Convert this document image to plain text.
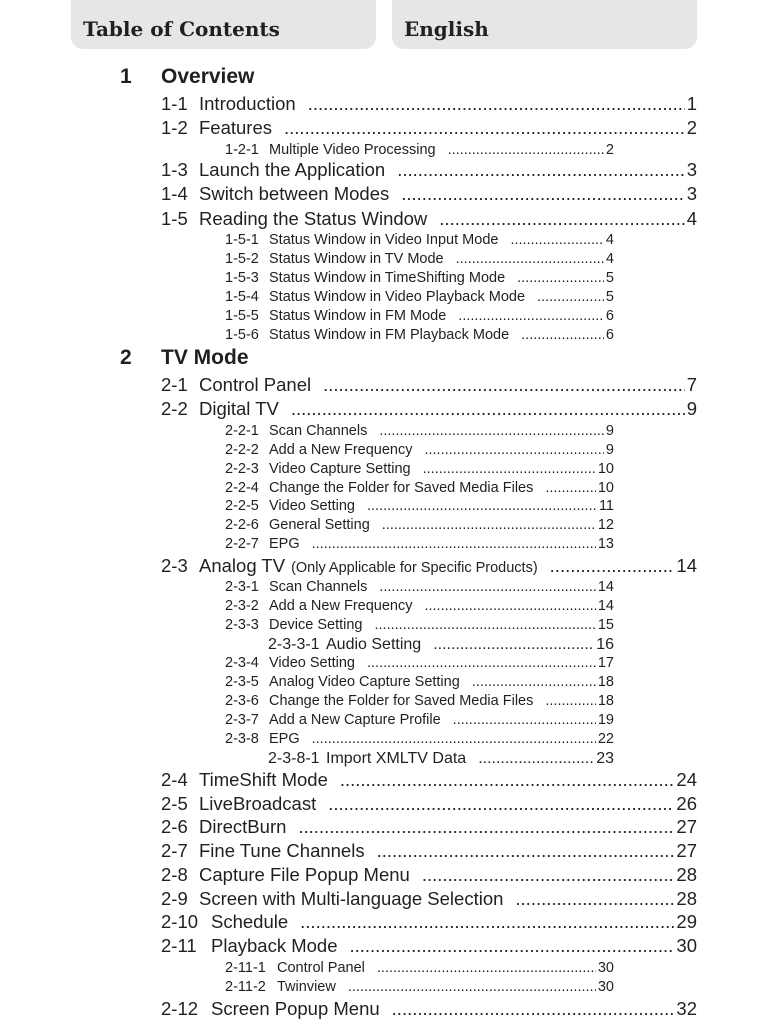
Table of Contents	English
1 Overview
1-1 Introduction .....	1
1-2 Features .....	2
1-2-1 Multiple Video Processing .....	2
1-3 Launch the Application .....	3
1-4 Switch between Modes .....	3
1-5 Reading the Status Window .....	4
1-5-1 Status Window in Video Input Mode .....	4
1-5-2 Status Window in TV Mode .....	4
1-5-3 Status Window in TimeShifting Mode .....	5
1-5-4 Status Window in Video Playback Mode .....	5
1-5-5 Status Window in FM Mode .....	6
1-5-6 Status Window in FM Playback Mode .....	6
2 TV Mode
2-1 Control Panel .....	7
2-2 Digital TV .....	9
2-2-1 Scan Channels .....	9
2-2-2 Add a New Frequency .....	9
2-2-3 Video Capture Setting .....	10
2-2-4 Change the Folder for Saved Media Files .....	10
2-2-5 Video Setting .....	11
2-2-6 General Setting .....	12
2-2-7 EPG .....	13
2-3 Analog TV (Only Applicable for Specific Products) .....	14
2-3-1 Scan Channels .....	14
2-3-2 Add a New Frequency .....	14
2-3-3 Device Setting .....	15
2-3-3-1 Audio Setting .....	16
2-3-4 Video Setting .....	17
2-3-5 Analog Video Capture Setting .....	18
2-3-6 Change the Folder for Saved Media Files .....	18
2-3-7 Add a New Capture Profile .....	19
2-3-8 EPG .....	22
2-3-8-1 Import XMLTV Data .....	23
2-4 TimeShift Mode .....	24
2-5 LiveBroadcast .....	26
2-6 DirectBurn .....	27
2-7 Fine Tune Channels .....	27
2-8 Capture File Popup Menu .....	28
2-9 Screen with Multi-language Selection .....	28
2-10 Schedule .....	29
2-11 Playback Mode .....	30
2-11-1 Control Panel .....	30
2-11-2 Twinview .....	30
2-12 Screen Popup Menu .....	32
